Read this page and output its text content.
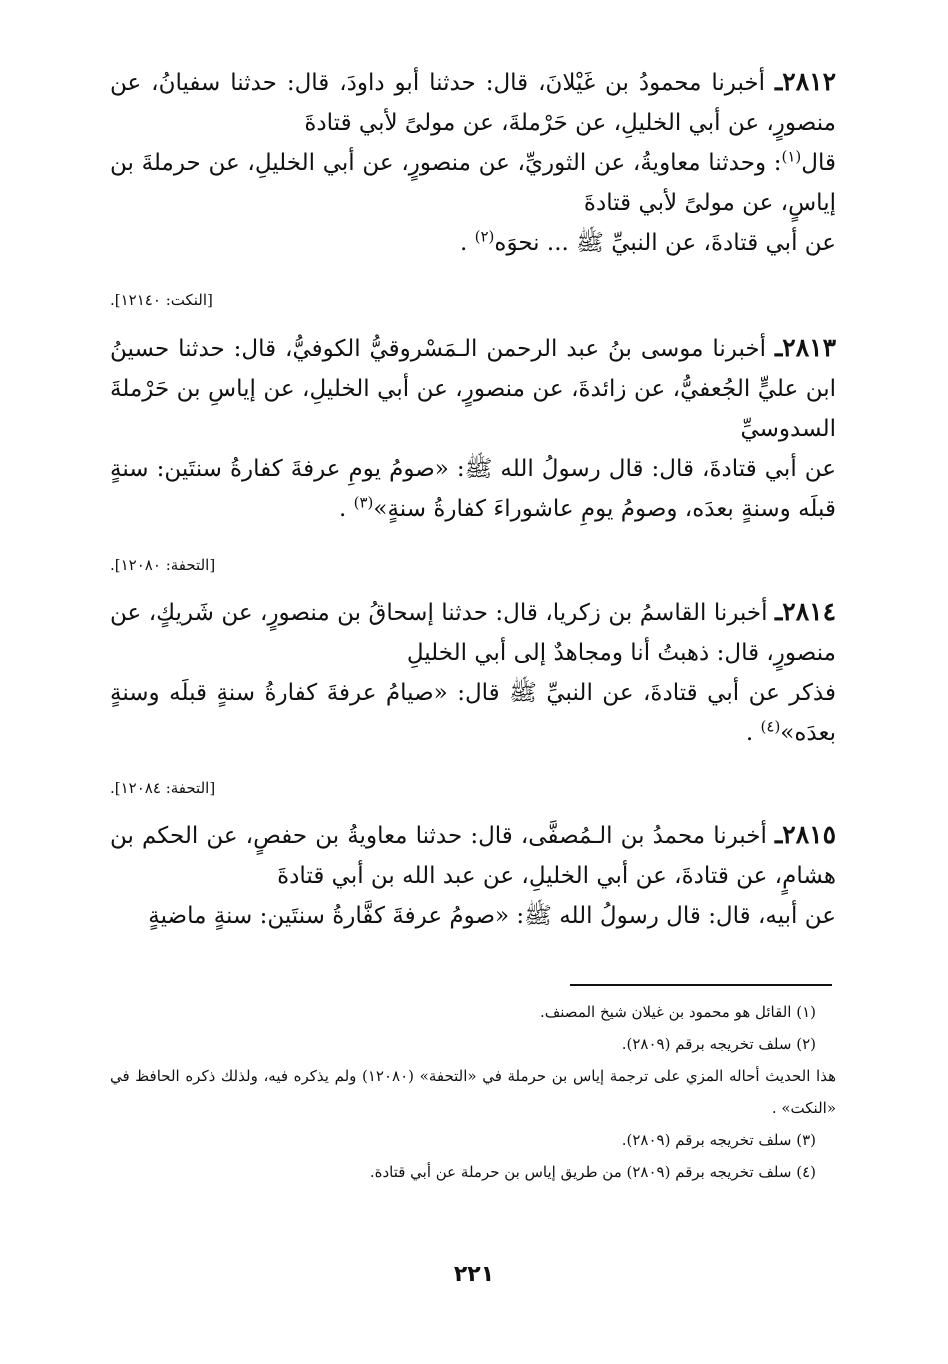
٢٨١٢ـ أخبرنا محمودُ بن غَيْلانَ، قال: حدثنا أبو داودَ، قال: حدثنا سفيانُ، عن منصورٍ، عن أبي الخليلِ، عن حَرْملةَ، عن مولىً لأبي قتادةَ

قال$^{(١)}$: وحدثنا معاويةُ، عن الثوريِّ، عن منصورٍ، عن أبي الخليلِ، عن حرملةَ بن إياسٍ، عن مولىً لأبي قتادةَ

عن أبي قتادةَ، عن النبيِّ ﷺ ... نحوَه$^{(٢)}$ .

[النكت: ١٢١٤٠].

٢٨١٣ـ أخبرنا موسى بنُ عبد الرحمن الـمَسْروقيُّ الكوفيُّ، قال: حدثنا حسينُ ابن عليٍّ الجُعفيُّ، عن زائدةَ، عن منصورٍ، عن أبي الخليلِ، عن إياسِ بن حَرْملةَ السدوسيِّ

عن أبي قتادةَ، قال: قال رسولُ الله ﷺ: «صومُ يومِ عرفةَ كفارةُ سنتَين: سنةٍ قبلَه وسنةٍ بعدَه، وصومُ يومِ عاشوراءَ كفارةُ سنةٍ»$^{(٣)}$ .

[التحفة: ١٢٠٨٠].

٢٨١٤ـ أخبرنا القاسمُ بن زكريا، قال: حدثنا إسحاقُ بن منصورٍ، عن شَريكٍ، عن منصورٍ، قال: ذهبتُ أنا ومجاهدٌ إلى أبي الخليلِ

فذكر عن أبي قتادةَ، عن النبيِّ ﷺ قال: «صيامُ عرفةَ كفارةُ سنةٍ قبلَه وسنةٍ بعدَه»$^{(٤)}$ .

[التحفة: ١٢٠٨٤].

٢٨١٥ـ أخبرنا محمدُ بن الـمُصفَّى، قال: حدثنا معاويةُ بن حفصٍ، عن الحكم بن هشامٍ، عن قتادةَ، عن أبي الخليلِ، عن عبد الله بن أبي قتادةَ

عن أبيه، قال: قال رسولُ الله ﷺ: «صومُ عرفةَ كفَّارةُ سنتَين: سنةٍ ماضيةٍ

(١) القائل هو محمود بن غيلان شيخ المصنف.

(٢) سلف تخريجه برقم (٢٨٠٩).

هذا الحديث أحاله المزي على ترجمة إياس بن حرملة في «التحفة» (١٢٠٨٠) ولم يذكره فيه، ولذلك ذكره الحافظ في «النكت» .

(٣) سلف تخريجه برقم (٢٨٠٩).

(٤) سلف تخريجه برقم (٢٨٠٩) من طريق إياس بن حرملة عن أبي قتادة.

٢٢١
